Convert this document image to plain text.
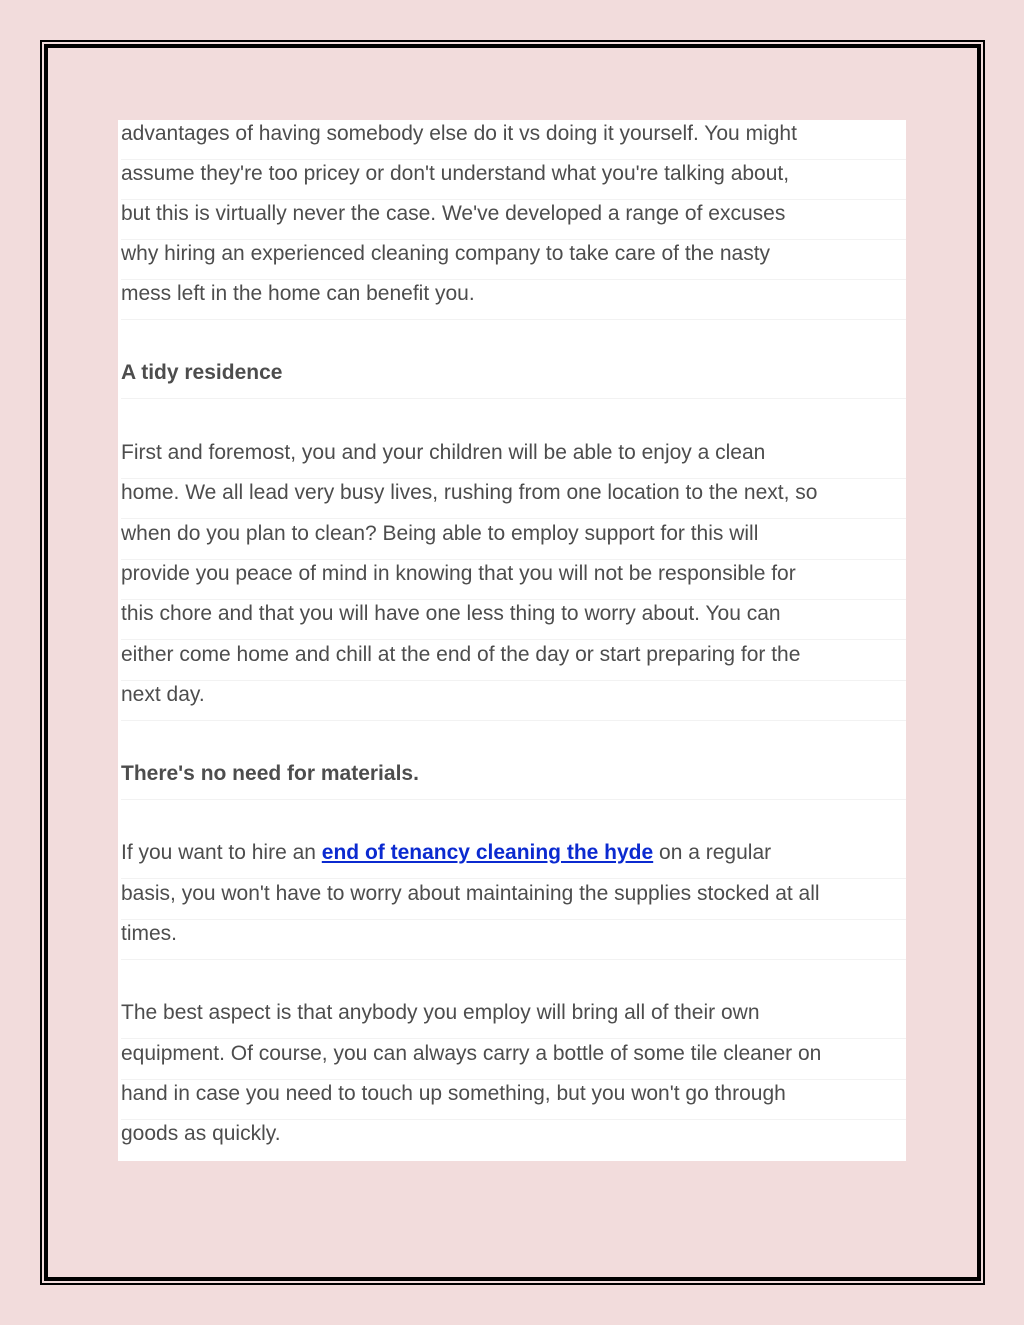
advantages of having somebody else do it vs doing it yourself. You might
assume they're too pricey or don't understand what you're talking about,
but this is virtually never the case. We've developed a range of excuses
why hiring an experienced cleaning company to take care of the nasty
mess left in the home can benefit you.
A tidy residence
First and foremost, you and your children will be able to enjoy a clean
home. We all lead very busy lives, rushing from one location to the next, so
when do you plan to clean? Being able to employ support for this will
provide you peace of mind in knowing that you will not be responsible for
this chore and that you will have one less thing to worry about. You can
either come home and chill at the end of the day or start preparing for the
next day.
There's no need for materials.
If you want to hire an end of tenancy cleaning the hyde on a regular
basis, you won't have to worry about maintaining the supplies stocked at all
times.
The best aspect is that anybody you employ will bring all of their own
equipment. Of course, you can always carry a bottle of some tile cleaner on
hand in case you need to touch up something, but you won't go through
goods as quickly.
